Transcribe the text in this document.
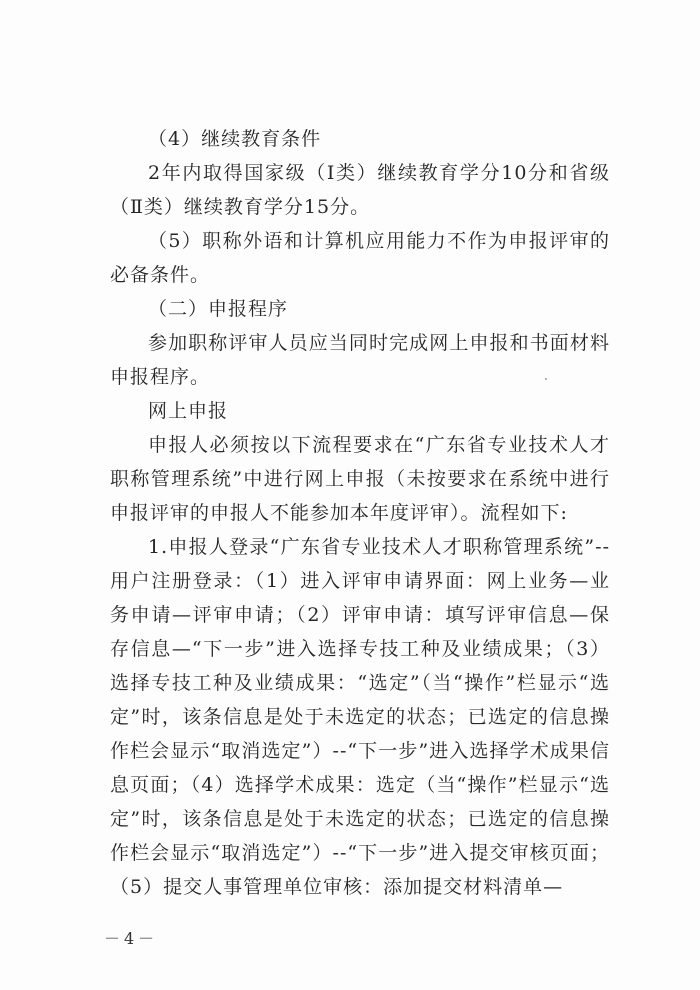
（4）继续教育条件

2年内取得国家级（Ⅰ类）继续教育学分10分和省级（Ⅱ类）继续教育学分15分。

（5）职称外语和计算机应用能力不作为申报评审的必备条件。

（二）申报程序

参加职称评审人员应当同时完成网上申报和书面材料申报程序。

网上申报

申报人必须按以下流程要求在“广东省专业技术人才职称管理系统”中进行网上申报（未按要求在系统中进行申报评审的申报人不能参加本年度评审）。流程如下:

1.申报人登录“广东省专业技术人才职称管理系统”--用户注册登录：（1）进入评审申请界面：网上业务—业务申请—评审申请；（2）评审申请：填写评审信息—保存信息—“下一步”进入选择专技工种及业绩成果；（3）选择专技工种及业绩成果：“选定”（当“操作”栏显示“选定”时，该条信息是处于未选定的状态；已选定的信息操作栏会显示“取消选定”）--“下一步”进入选择学术成果信息页面；（4）选择学术成果：选定（当“操作”栏显示“选定”时，该条信息是处于未选定的状态；已选定的信息操作栏会显示“取消选定”）--“下一步”进入提交审核页面；（5）提交人事管理单位审核：添加提交材料清单—

－4－
